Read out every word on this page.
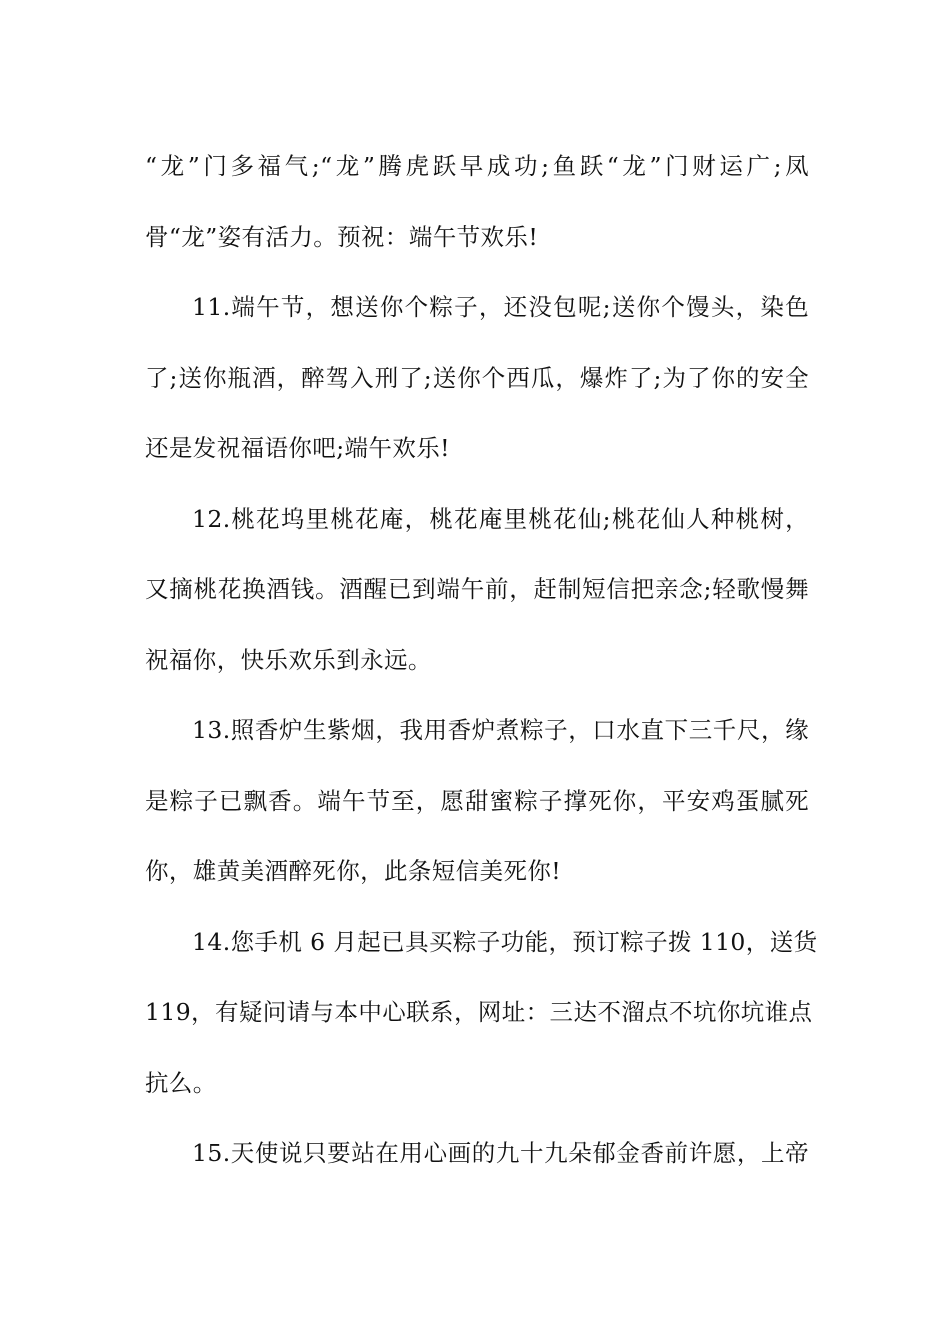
“龙”门多福气;“龙”腾虎跃早成功;鱼跃“龙”门财运广;凤
骨“龙”姿有活力。预祝：端午节欢乐!
11.端午节，想送你个粽子，还没包呢;送你个馒头，染色
了;送你瓶酒，醉驾入刑了;送你个西瓜，爆炸了;为了你的安全
还是发祝福语你吧;端午欢乐!
12.桃花坞里桃花庵，桃花庵里桃花仙;桃花仙人种桃树，
又摘桃花换酒钱。酒醒已到端午前，赶制短信把亲念;轻歌慢舞
祝福你，快乐欢乐到永远。
13.照香炉生紫烟，我用香炉煮粽子，口水直下三千尺，缘
是粽子已飘香。端午节至，愿甜蜜粽子撑死你，平安鸡蛋腻死
你，雄黄美酒醉死你，此条短信美死你!
14.您手机 6 月起已具买粽子功能，预订粽子拨 110，送货
119，有疑问请与本中心联系，网址：三达不溜点不坑你坑谁点
抗么。
15.天使说只要站在用心画的九十九朵郁金香前许愿，上帝
